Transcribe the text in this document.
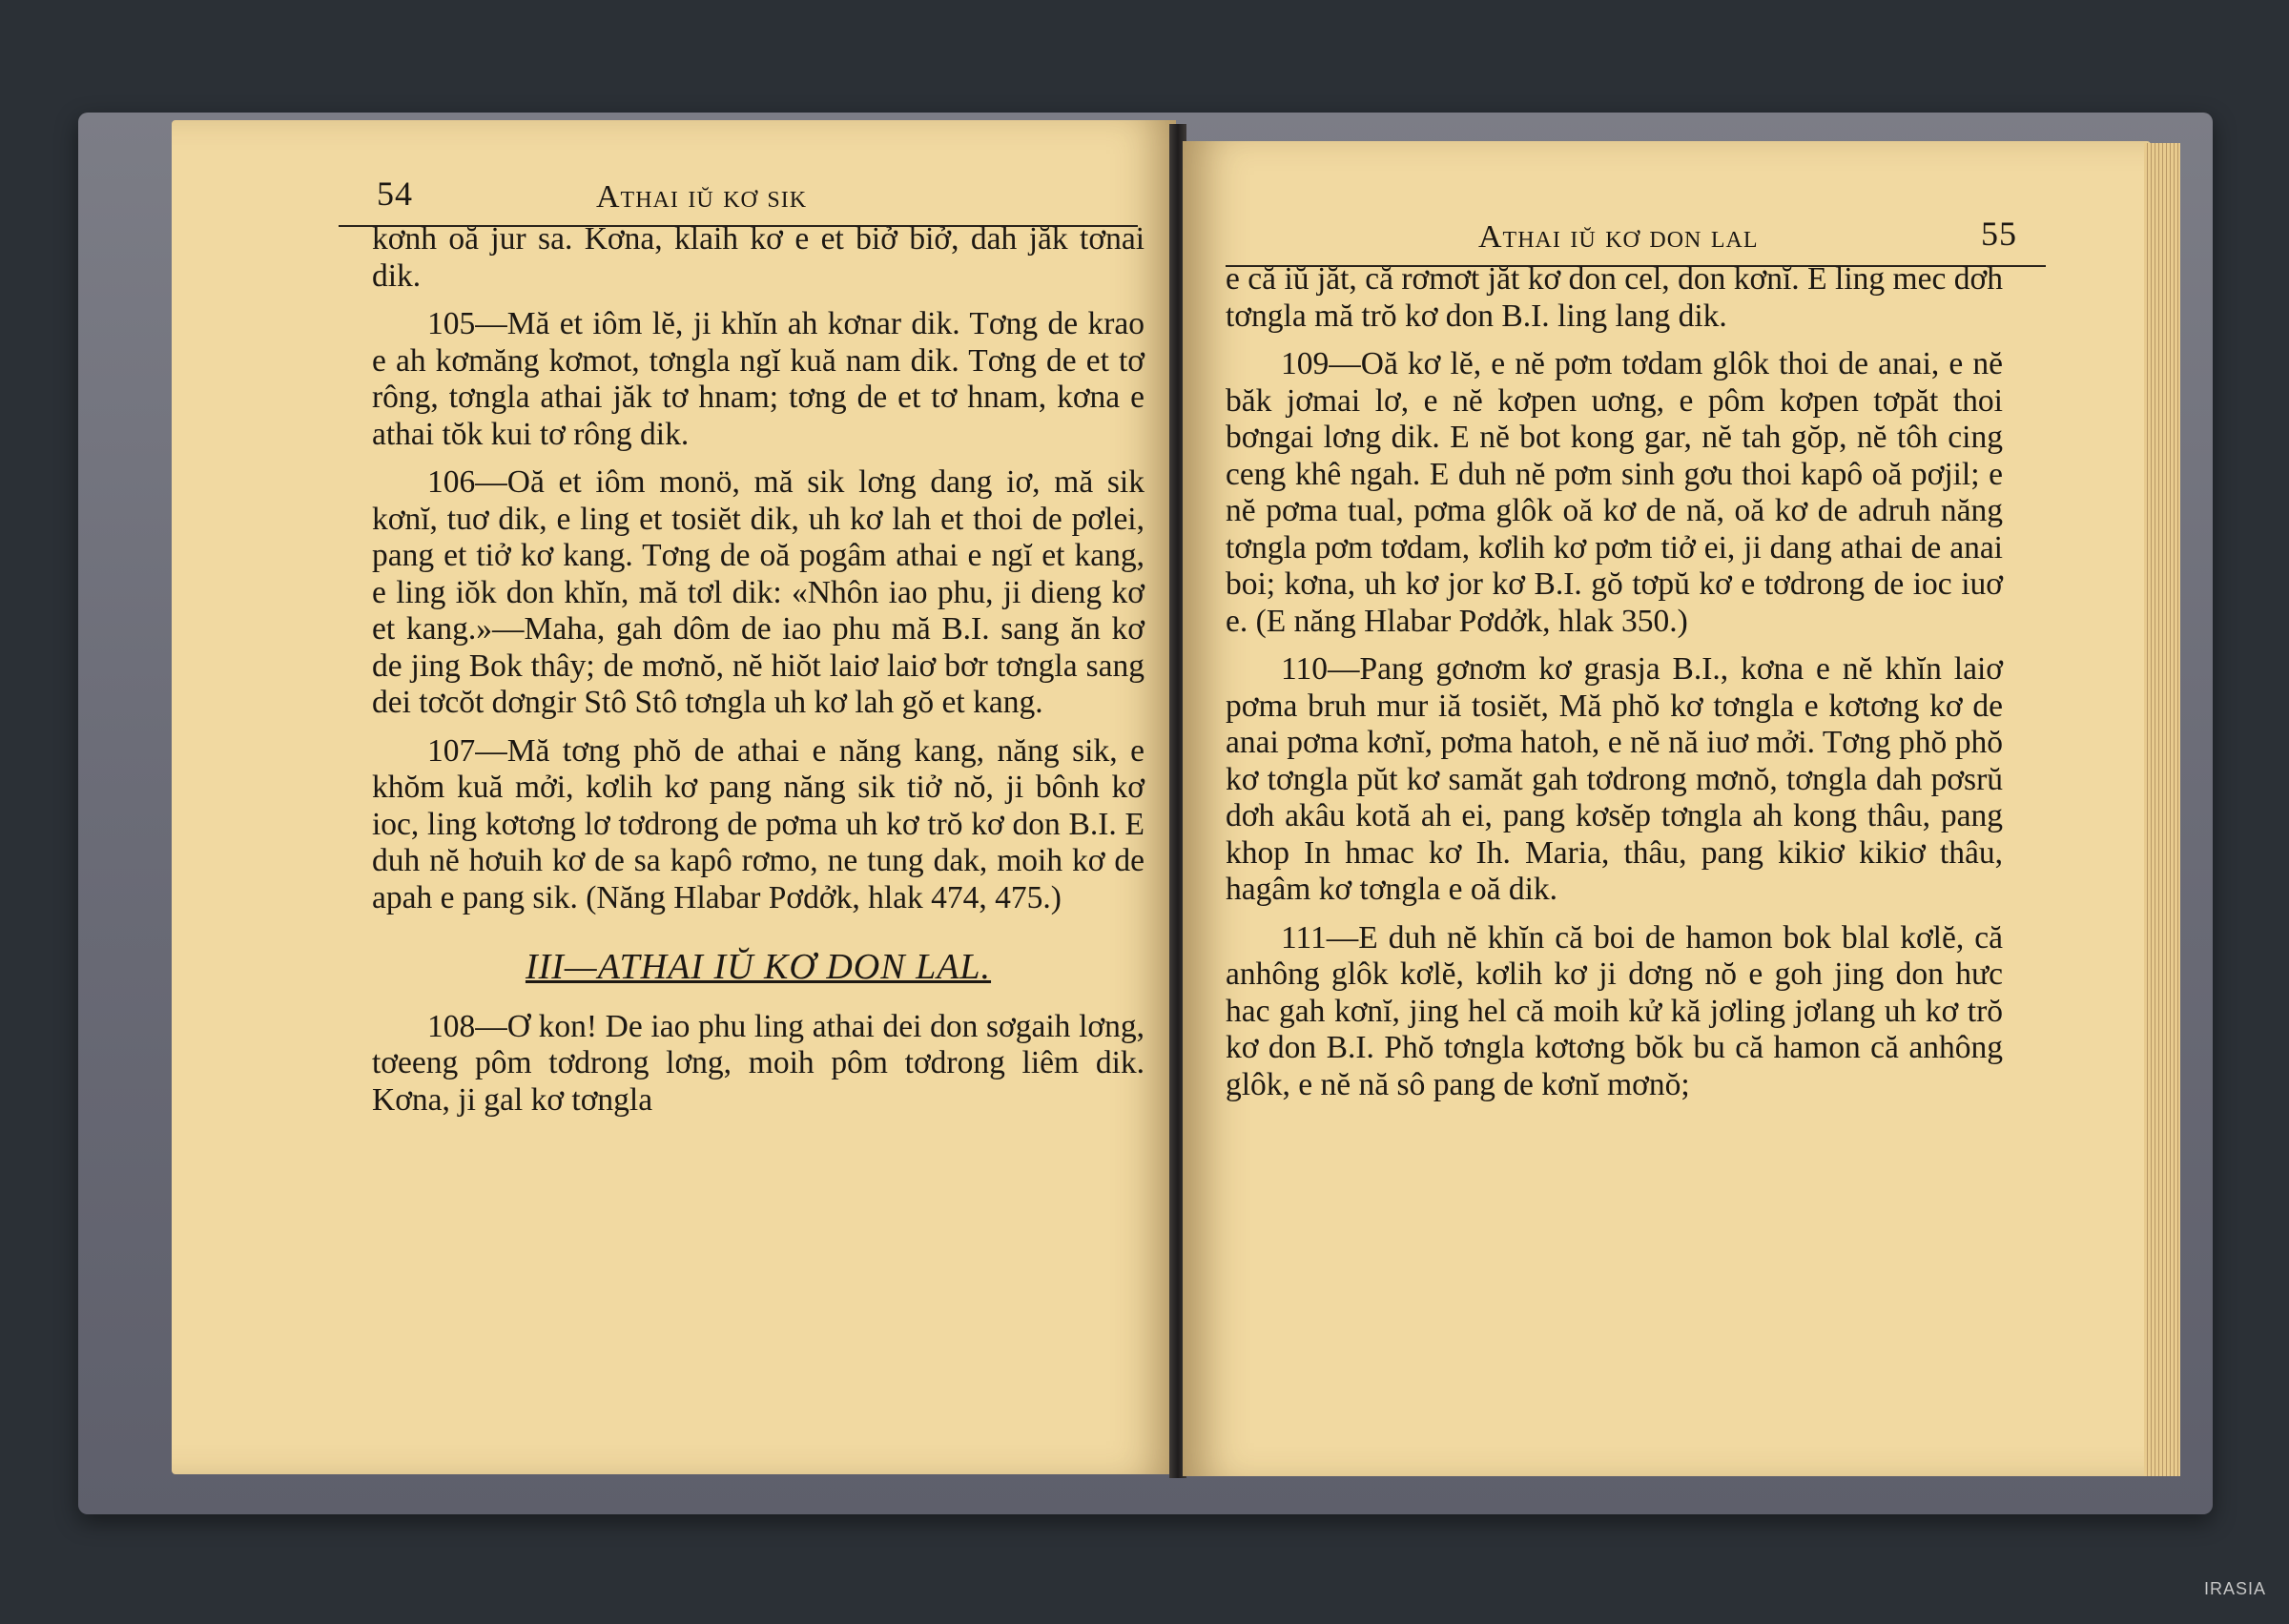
54	Athai iŭ kơ sik

kơnh oă jur sa. Kơna, klaih kơ e et biở biở, dah jăk tơnai dik.

105—Mă et iôm lĕ, ji khĭn ah kơnar dik. Tơng de krao e ah kơmăng kơmot, tơngla ngĭ kuă nam dik. Tơng de et tơ rông, tơngla athai jăk tơ hnam; tơng de et tơ hnam, kơna e athai tŏk kui tơ rông dik.

106—Oă et iôm monö, mă sik lơng dang iơ, mă sik kơnĭ, tuơ dik, e ling et tosiĕt dik, uh kơ lah et thoi de pơlei, pang et tiở kơ kang. Tơng de oă pogâm athai e ngĭ et kang, e ling iŏk don khĭn, mă tơl dik: «Nhôn iao phu, ji dieng kơ et kang.»—Maha, gah dôm de iao phu mă B.I. sang ăn kơ de jing Bok thây; de mơnŏ, nĕ hiŏt laiơ laiơ bơr tơngla sang dei tơcŏt dơngir Stô Stô tơngla uh kơ lah gŏ et kang.

107—Mă tơng phŏ de athai e năng kang, năng sik, e khŏm kuă mởi, kơlih kơ pang năng sik tiở nŏ, ji bônh kơ ioc, ling kơtơng lơ tơdrong de pơma uh kơ trŏ kơ don B.I. E duh nĕ hơuih kơ de sa kapô rơmo, ne tung dak, moih kơ de apah e pang sik. (Năng Hlabar Pơdởk, hlak 474, 475.)

III—ATHAI IŬ KƠ DON LAL.

108—Ơ kon! De iao phu ling athai dei don sơgaih lơng, tơeeng pôm tơdrong lơng, moih pôm tơdrong liêm dik. Kơna, ji gal kơ tơngla

Athai iŭ kơ don lal	55

e că iŭ jăt, că rơmơt jăt kơ don cel, don kơnĭ. E ling mec dơh tơngla mă trŏ kơ don B.I. ling lang dik.

109—Oă kơ lĕ, e nĕ pơm tơdam glôk thoi de anai, e nĕ băk jơmai lơ, e nĕ kơpen uơng, e pôm kơpen tơpăt thoi bơngai lơng dik. E nĕ bot kong gar, nĕ tah gŏp, nĕ tôh cing ceng khê ngah. E duh nĕ pơm sinh gơu thoi kapô oă pơjil; e nĕ pơma tual, pơma glôk oă kơ de nă, oă kơ de adruh năng tơngla pơm tơdam, kơlih kơ pơm tiở ei, ji dang athai de anai boi; kơna, uh kơ jor kơ B.I. gŏ tơpŭ kơ e tơdrong de ioc iuơ e. (E năng Hlabar Pơdởk, hlak 350.)

110—Pang gơnơm kơ grasja B.I., kơna e nĕ khĭn laiơ pơma bruh mur iă tosiĕt, Mă phŏ kơ tơngla e kơtơng kơ de anai pơma kơnĭ, pơma hatoh, e nĕ nă iuơ mởi. Tơng phŏ phŏ kơ tơngla pŭt kơ samăt gah tơdrong mơnŏ, tơngla dah pơsrŭ dơh akâu kotă ah ei, pang kơsĕp tơngla ah kong thâu, pang khop In hmac kơ Ih. Maria, thâu, pang kikiơ kikiơ thâu, hagâm kơ tơngla e oă dik.

111—E duh nĕ khĭn că boi de hamon bok blal kơlĕ, că anhông glôk kơlĕ, kơlih kơ ji dơng nŏ e goh jing don hưc hac gah kơnĭ, jing hel că moih kử kă jơling jơlang uh kơ trŏ kơ don B.I. Phŏ tơngla kơtơng bŏk bu că hamon că anhông glôk, e nĕ nă sô pang de kơnĭ mơnŏ;

IRASIA
